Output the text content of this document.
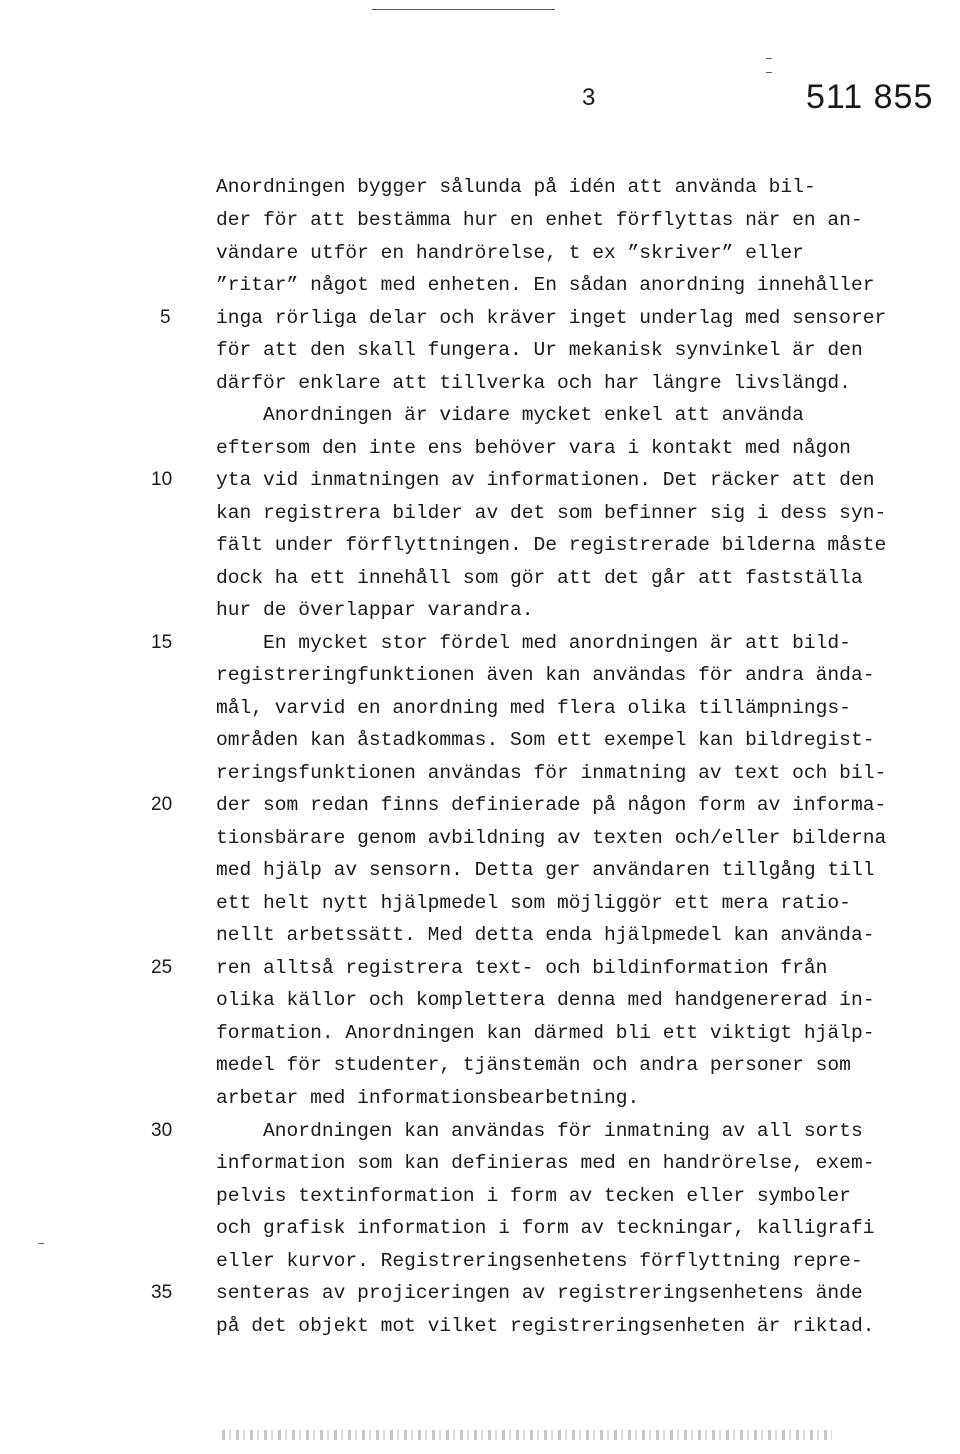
3	511 855
Anordningen bygger sålunda på idén att använda bil-
der för att bestämma hur en enhet förflyttas när en an-
vändare utför en handrörelse, t ex ”skriver” eller
”ritar” något med enheten. En sådan anordning innehåller
inga rörliga delar och kräver inget underlag med sensorer
för att den skall fungera. Ur mekanisk synvinkel är den
därför enklare att tillverka och har längre livslängd.
Anordningen är vidare mycket enkel att använda
eftersom den inte ens behöver vara i kontakt med någon
yta vid inmatningen av informationen. Det räcker att den
kan registrera bilder av det som befinner sig i dess syn-
fält under förflyttningen. De registrerade bilderna måste
dock ha ett innehåll som gör att det går att fastställa
hur de överlappar varandra.
En mycket stor fördel med anordningen är att bild-
registreringfunktionen även kan användas för andra ända-
mål, varvid en anordning med flera olika tillämpnings-
områden kan åstadkommas. Som ett exempel kan bildregist-
reringsfunktionen användas för inmatning av text och bil-
der som redan finns definierade på någon form av informa-
tionsbärare genom avbildning av texten och/eller bilderna
med hjälp av sensorn. Detta ger användaren tillgång till
ett helt nytt hjälpmedel som möjliggör ett mera ratio-
nellt arbetssätt. Med detta enda hjälpmedel kan använda-
ren alltså registrera text- och bildinformation från
olika källor och komplettera denna med handgenererad in-
formation. Anordningen kan därmed bli ett viktigt hjälp-
medel för studenter, tjänstemän och andra personer som
arbetar med informationsbearbetning.
Anordningen kan användas för inmatning av all sorts
information som kan definieras med en handrörelse, exem-
pelvis textinformation i form av tecken eller symboler
och grafisk information i form av teckningar, kalligrafi
eller kurvor. Registreringsenhetens förflyttning repre-
senteras av projiceringen av registreringsenhetens ände
på det objekt mot vilket registreringsenheten är riktad.
5
10
15
20
25
30
35
